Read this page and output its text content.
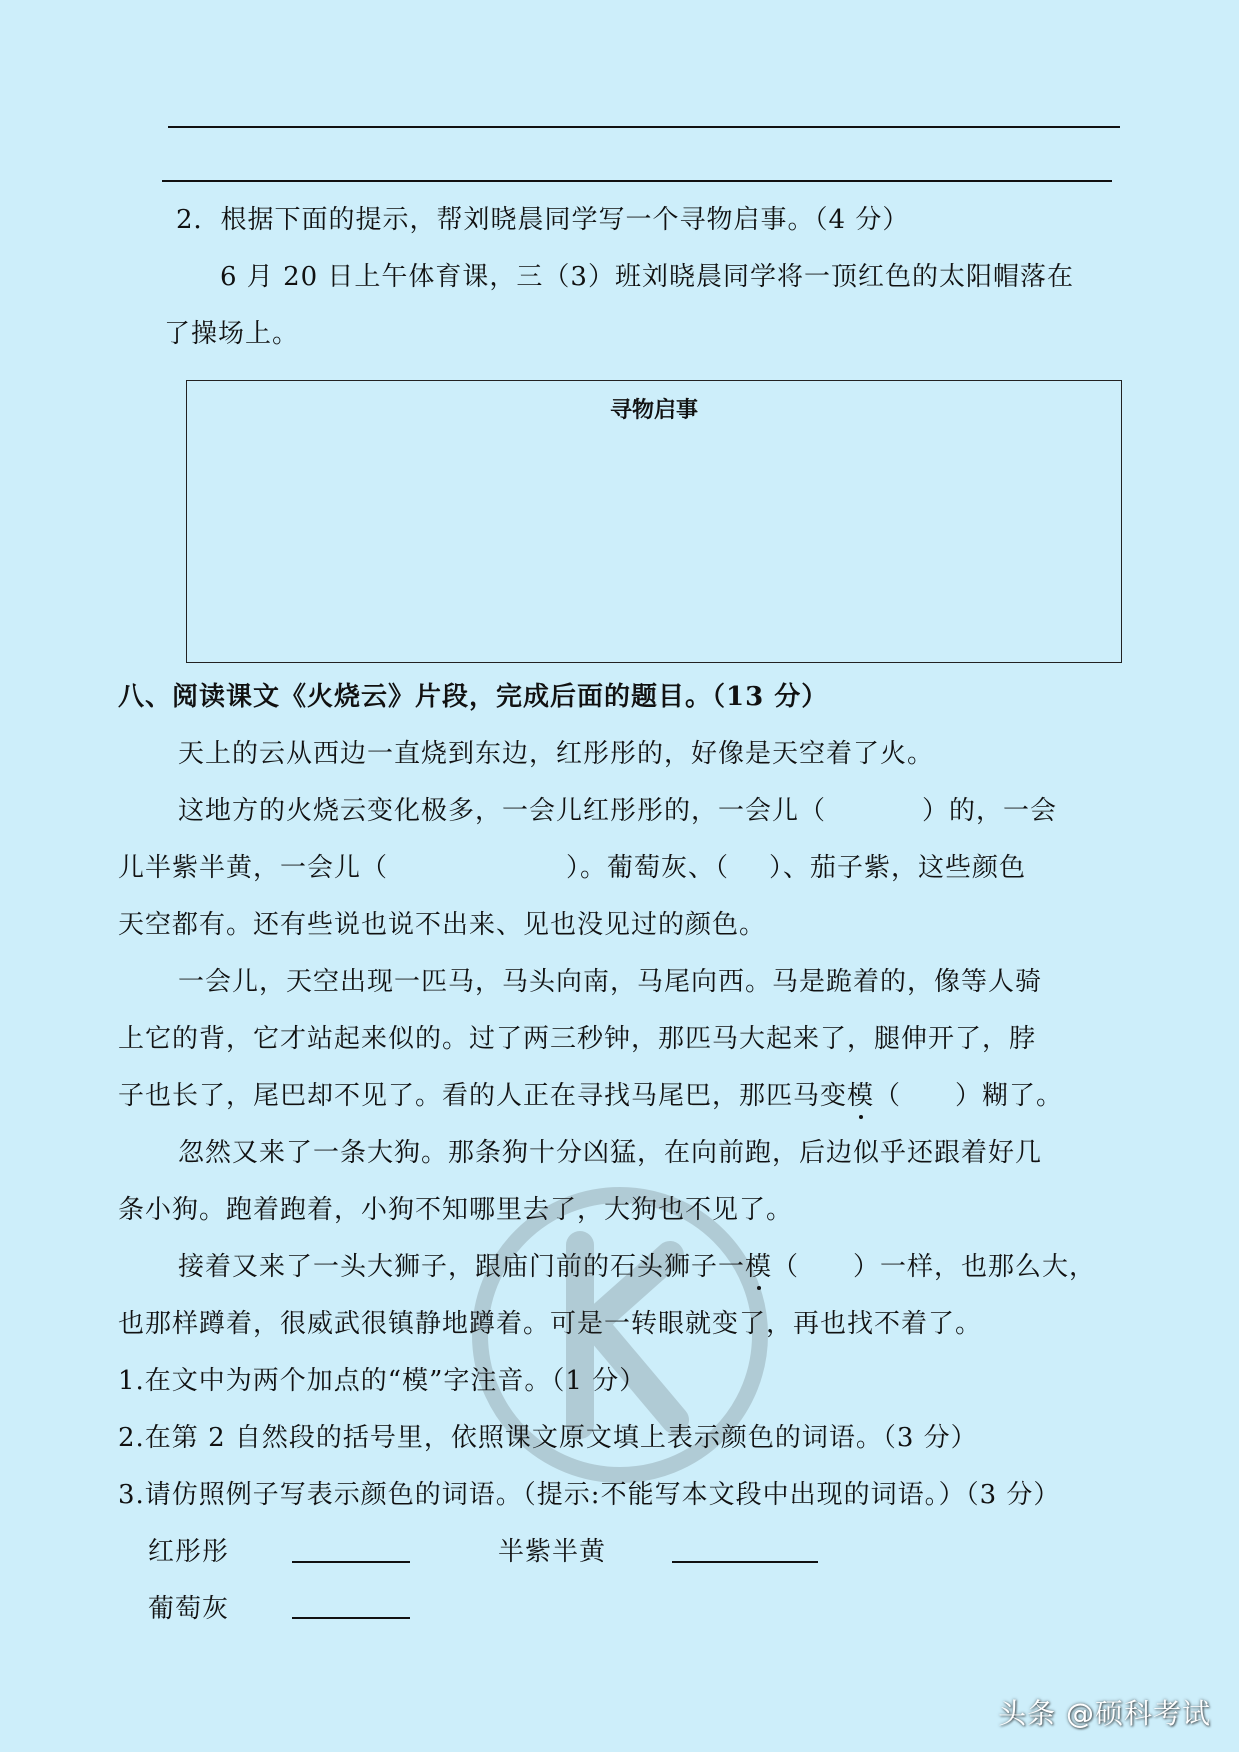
2．根据下面的提示，帮刘晓晨同学写一个寻物启事。（4 分）
6 月 20 日上午体育课，三（3）班刘晓晨同学将一顶红色的太阳帽落在
了操场上。
寻物启事
八、阅读课文《火烧云》片段，完成后面的题目。（13 分）
天上的云从西边一直烧到东边，红彤彤的，好像是天空着了火。
这地方的火烧云变化极多，一会儿红彤彤的，一会儿（	）的，一会
儿半紫半黄，一会儿（	）。葡萄灰、（ ）、茄子紫，这些颜色
天空都有。还有些说也说不出来、见也没见过的颜色。
一会儿，天空出现一匹马，马头向南，马尾向西。马是跪着的，像等人骑
上它的背，它才站起来似的。过了两三秒钟，那匹马大起来了，腿伸开了，脖
子也长了，尾巴却不见了。看的人正在寻找马尾巴，那匹马变模（　　）糊了。
忽然又来了一条大狗。那条狗十分凶猛，在向前跑，后边似乎还跟着好几
条小狗。跑着跑着，小狗不知哪里去了，大狗也不见了。
接着又来了一头大狮子，跟庙门前的石头狮子一模（　　）一样，也那么大，
也那样蹲着，很威武很镇静地蹲着。可是一转眼就变了，再也找不着了。
1.在文中为两个加点的“模”字注音。（1 分）
2.在第 2 自然段的括号里，依照课文原文填上表示颜色的词语。（3 分）
3.请仿照例子写表示颜色的词语。（提示:不能写本文段中出现的词语。）（3 分）
红彤彤	半紫半黄
葡萄灰
头条 @硕科考试
